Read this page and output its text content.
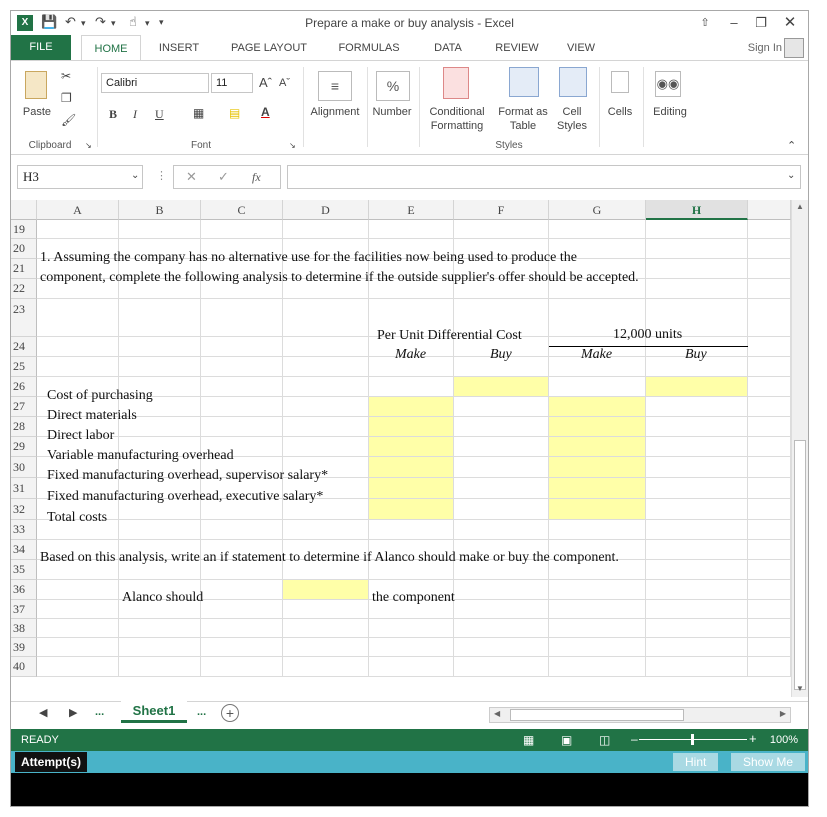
X 💾 ↶ ▾ ↷ ▾ ☝ ▾ ▾	Prepare a make or buy analysis - Excel	⇧	–	❐	✕
FILE	HOME	INSERT	PAGE LAYOUT	FORMULAS	DATA	REVIEW	VIEW	Sign In
Paste
✂
❐
🖌
Clipboard	↘
Calibri	11	Aˆ Aˇ
B I U ▦ ▤ A
Font	↘
≡
Alignment
%
Number	Conditional
Formatting
Format as
Table
Cell
Styles
Styles
Cells
◉◉
Editing
⌃
H3	⌄ ⋮ ✕ ✓ fx	⌄
A	B	C	D	E	F	G	H
19
20
21
22
23
24
25
26
27
28
29
30
31
32
33
34
35
36
37
38
39
40
1. Assuming the company has no alternative use for the facilities now being used to produce the
component, complete the following analysis to determine if the outside supplier's offer should be accepted.
Per Unit Differential Cost	12,000 units
Make	Buy	Make	Buy
Cost of purchasing
Direct materials
Direct labor
Variable manufacturing overhead
Fixed manufacturing overhead, supervisor salary*
Fixed manufacturing overhead, executive salary*
Total costs
Based on this analysis, write an if statement to determine if Alanco should make or buy the component.
Alanco should	the component
▲
▼
◀ ▶ ...	Sheet1	...	+	◀	▶
READY	▦ ▣ ◫ –	+ 100%
Attempt(s)	Hint	Show Me
